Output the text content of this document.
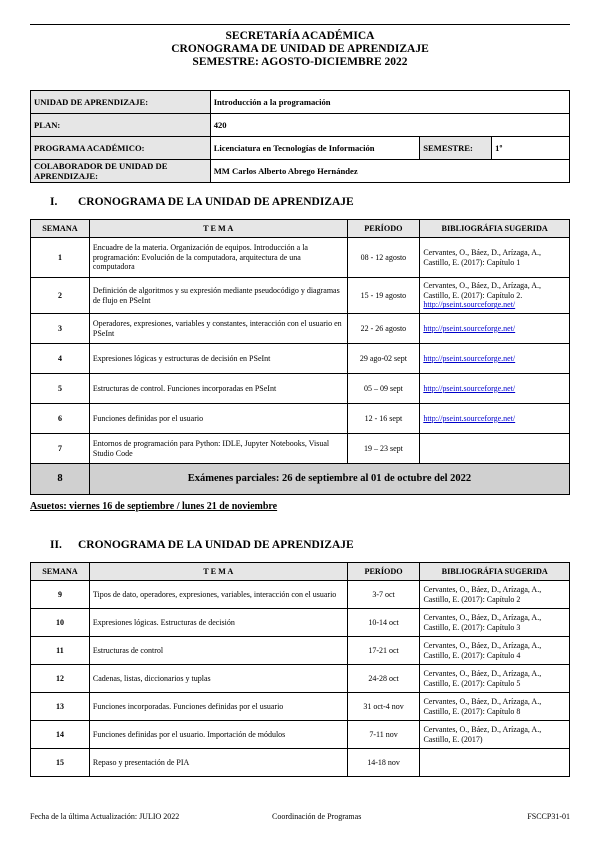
SECRETARÍA ACADÉMICA
CRONOGRAMA DE UNIDAD DE APRENDIZAJE
SEMESTRE: AGOSTO-DICIEMBRE 2022
UNIDAD DE APRENDIZAJE:	Introducción a la programación		
PLAN:	420		
PROGRAMA ACADÉMICO:	Licenciatura en Tecnologías de Información	SEMESTRE:	1º
COLABORADOR DE UNIDAD DE APRENDIZAJE:	MM Carlos Alberto Abrego Hernández		
I. CRONOGRAMA DE LA UNIDAD DE APRENDIZAJE
SEMANA	T E M A	PERÍODO	BIBLIOGRÁFIA SUGERIDA
1	Encuadre de la materia. Organización de equipos. Introducción a la programación: Evolución de la computadora, arquitectura de una computadora	08 - 12 agosto	Cervantes, O., Báez, D., Arízaga, A., Castillo, E. (2017): Capítulo 1

2	Definición de algoritmos y su expresión mediante pseudocódigo y diagramas de flujo en PSeInt	15 - 19 agosto	Cervantes, O., Báez, D., Arízaga, A., Castillo, E. (2017): Capítulo 2.
http://pseint.sourceforge.net/
3	Operadores, expresiones, variables y constantes, interacción con el usuario en PSeInt	22 - 26 agosto	http://pseint.sourceforge.net/
4	Expresiones lógicas y estructuras de decisión en PSeInt	29 ago-02 sept	http://pseint.sourceforge.net/
5	Estructuras de control. Funciones incorporadas en PSeInt	05 – 09 sept	http://pseint.sourceforge.net/
6	Funciones definidas por el usuario	12 - 16 sept	http://pseint.sourceforge.net/
7	Entornos de programación para Python: IDLE, Jupyter Notebooks, Visual Studio Code	19 – 23 sept	
8	Exámenes parciales: 26 de septiembre al 01 de octubre del 2022		
Asuetos: viernes 16 de septiembre / lunes 21 de noviembre
II. CRONOGRAMA DE LA UNIDAD DE APRENDIZAJE
SEMANA	T E M A	PERÍODO	BIBLIOGRÁFIA SUGERIDA
9	Tipos de dato, operadores, expresiones, variables, interacción con el usuario	3-7 oct	Cervantes, O., Báez, D., Arízaga, A., Castillo, E. (2017): Capítulo 2

10	Expresiones lógicas. Estructuras de decisión	10-14 oct	Cervantes, O., Báez, D., Arízaga, A., Castillo, E. (2017): Capítulo 3

11	Estructuras de control	17-21 oct	Cervantes, O., Báez, D., Arízaga, A., Castillo, E. (2017): Capítulo 4

12	Cadenas, listas, diccionarios y tuplas	24-28 oct	Cervantes, O., Báez, D., Arízaga, A., Castillo, E. (2017): Capítulo 5

13	Funciones incorporadas. Funciones definidas por el usuario	31 oct-4 nov	Cervantes, O., Báez, D., Arízaga, A., Castillo, E. (2017): Capítulo 8

14	Funciones definidas por el usuario. Importación de módulos	7-11 nov	Cervantes, O., Báez, D., Arízaga, A., Castillo, E. (2017)

15	Repaso y presentación de PIA	14-18 nov	
Fecha de la última Actualización: JULIO 2022	Coordinación de Programas	FSCCP31-01
